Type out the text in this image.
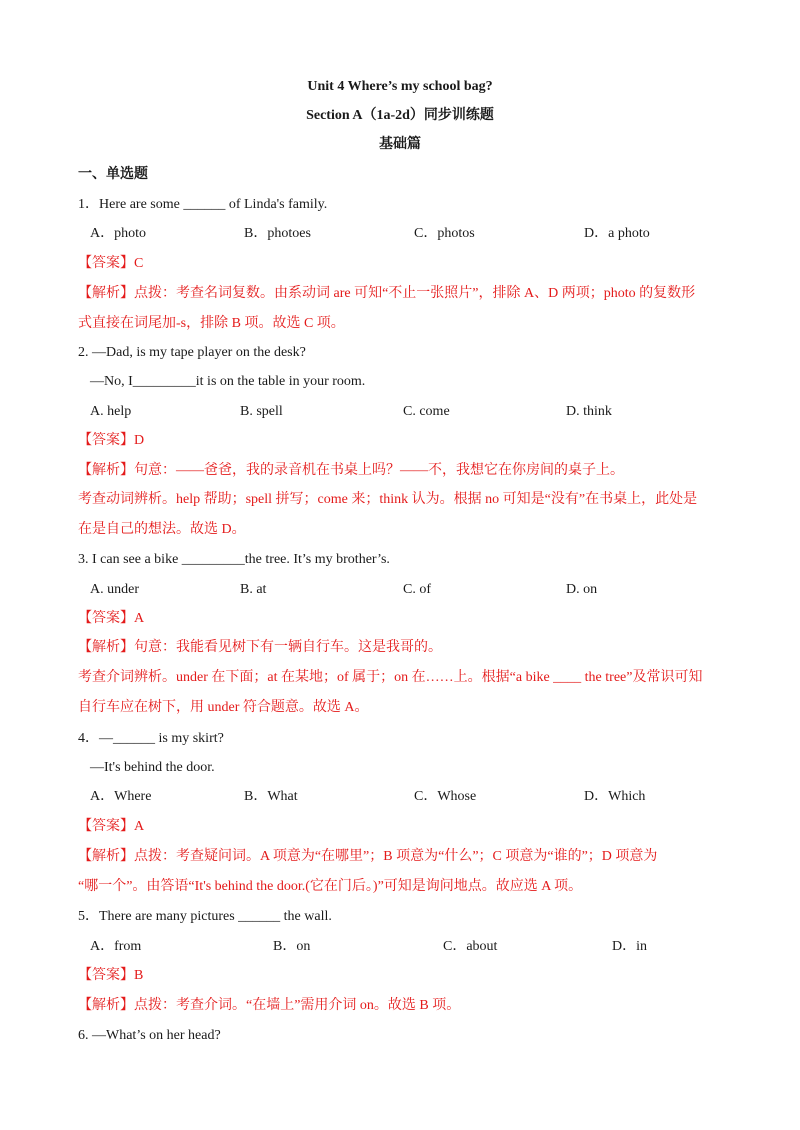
Unit 4 Where’s my school bag?
Section A（1a-2d）同步训练题
基础篇
一、单选题
1．Here are some ______ of Linda's family.
A．photo	B．photoes	C．photos	D．a photo
【答案】C
【解析】点拨：考查名词复数。由系动词 are 可知“不止一张照片”，排除 A、D 两项；photo 的复数形
式直接在词尾加-s，排除 B 项。故选 C 项。
2. —Dad, is my tape player on the desk?
—No, I_________it is on the table in your room.
A. help	B. spell	C. come	D. think
【答案】D
【解析】句意：——爸爸，我的录音机在书桌上吗？——不，我想它在你房间的桌子上。
考查动词辨析。help 帮助；spell 拼写；come 来；think 认为。根据 no 可知是“没有”在书桌上，此处是
在是自己的想法。故选 D。
3. I can see a bike _________the tree. It’s my brother’s.
A. under	B. at	C. of	D. on
【答案】A
【解析】句意：我能看见树下有一辆自行车。这是我哥的。
考查介词辨析。under 在下面；at 在某地；of 属于；on 在……上。根据“a bike ____ the tree”及常识可知
自行车应在树下，用 under 符合题意。故选 A。
4．—______ is my skirt?
—It's behind the door.
A．Where	B．What	C．Whose	D．Which
【答案】A
【解析】点拨：考查疑问词。A 项意为“在哪里”；B 项意为“什么”；C 项意为“谁的”；D 项意为
“哪一个”。由答语“It's behind the door.(它在门后。)”可知是询问地点。故应选 A 项。
5．There are many pictures ______ the wall.
A．from	B．on	C．about	D．in
【答案】B
【解析】点拨：考查介词。“在墙上”需用介词 on。故选 B 项。
6. —What’s on her head?
